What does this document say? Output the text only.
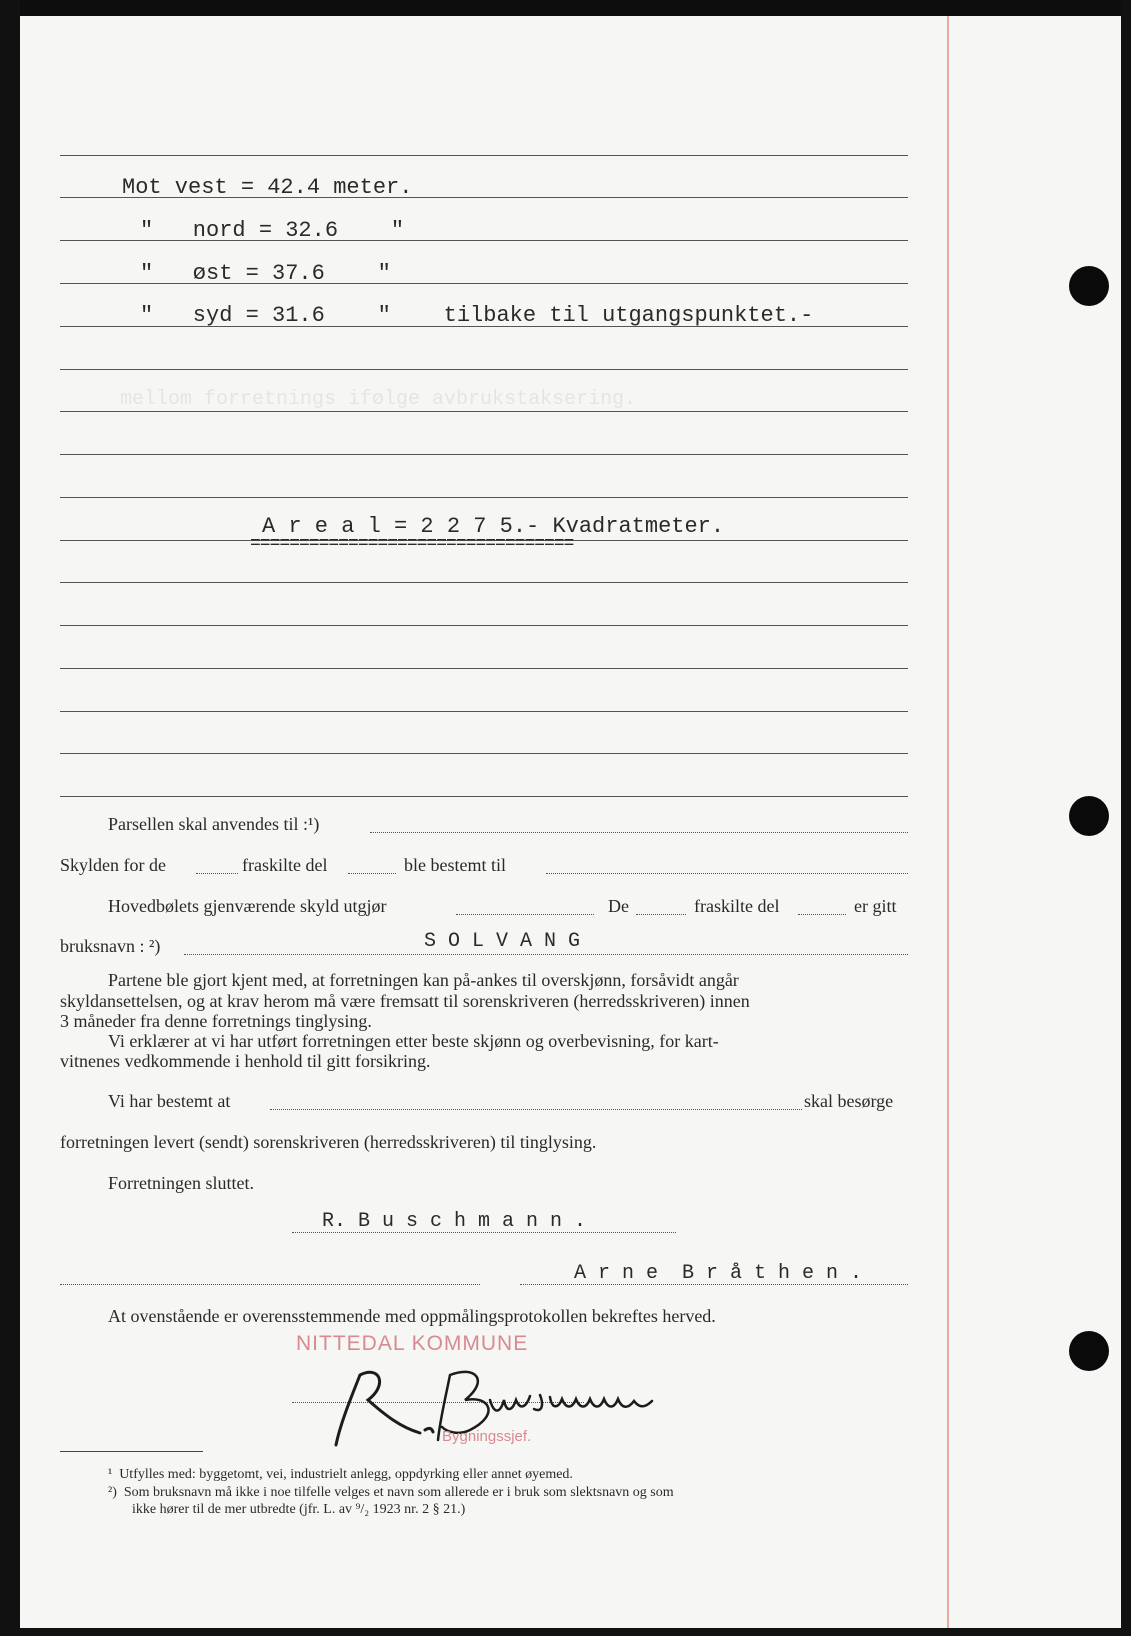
mellom forretnings ifølge avbrukstaksering.
Mot vest = 42.4 meter.
"   nord = 32.6    "
"   øst = 37.6    "
"   syd = 31.6    "    tilbake til utgangspunktet.-
A r e a l = 2 2 7 5.- Kvadratmeter.
=================================
Parsellen skal anvendes til :¹)
Skylden for de	fraskilte del	ble bestemt til
Hovedbølets gjenværende skyld utgjør	De	fraskilte del	er gitt
bruksnavn : ²)	S O L V A N G
Partene ble gjort kjent med, at forretningen kan på-ankes til overskjønn, forsåvidt angår
skyldansettelsen, og at krav herom må være fremsatt til sorenskriveren (herredsskriveren) innen
3 måneder fra denne forretnings tinglysing.
Vi erklærer at vi har utført forretningen etter beste skjønn og overbevisning, for kart-
vitnenes vedkommende i henhold til gitt forsikring.
Vi har bestemt at	skal besørge
forretningen levert (sendt) sorenskriveren (herredsskriveren) til tinglysing.
Forretningen sluttet.
R. B u s c h m a n n .
A r n e  B r å t h e n .
At ovenstående er overensstemmende med oppmålingsprotokollen bekreftes herved.
NITTEDAL KOMMUNE
Bygningssjef.
¹  Utfylles med: byggetomt, vei, industrielt anlegg, oppdyrking eller annet øyemed.
²)  Som bruksnavn må ikke i noe tilfelle velges et navn som allerede er i bruk som slektsnavn og som
ikke hører til de mer utbredte (jfr. L. av ⁹/₂ 1923 nr. 2 § 21.)
